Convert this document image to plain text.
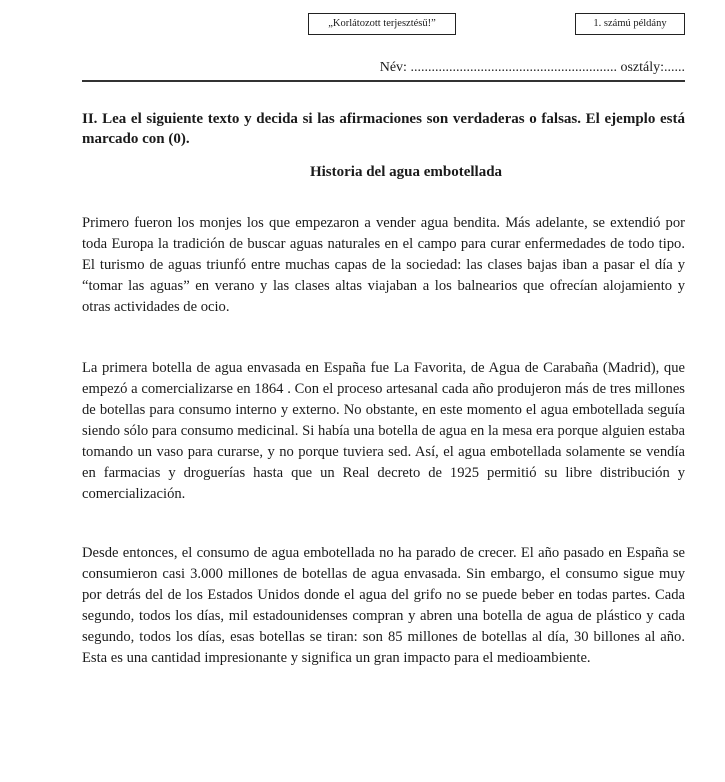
„Korlátozott terjesztésű!”	1. számú példány
Név: ........................................................... osztály:......
II. Lea el siguiente texto y decida si las afirmaciones son verdaderas o falsas. El ejemplo está marcado con (0).
Historia del agua embotellada
Primero fueron los monjes los que empezaron a vender agua bendita. Más adelante, se extendió por toda Europa la tradición de buscar aguas naturales en el campo para curar enfermedades de todo tipo. El turismo de aguas triunfó entre muchas capas de la sociedad: las clases bajas iban a pasar el día y “tomar las aguas” en verano y las clases altas viajaban a los balnearios que ofrecían alojamiento y otras actividades de ocio.
La primera botella de agua envasada en España fue La Favorita, de Agua de Carabaña (Madrid), que empezó a comercializarse en 1864 . Con el proceso artesanal cada año produjeron más de tres millones de botellas para consumo interno y externo. No obstante, en este momento el agua embotellada seguía siendo sólo para consumo medicinal. Si había una botella de agua en la mesa era porque alguien estaba tomando un vaso para curarse, y no porque tuviera sed. Así, el agua embotellada solamente se vendía en farmacias y droguerías hasta que un Real decreto de 1925 permitió su libre distribución y comercialización.
Desde entonces, el consumo de agua embotellada no ha parado de crecer. El año pasado en España se consumieron casi 3.000 millones de botellas de agua envasada. Sin embargo, el consumo sigue muy por detrás del de los Estados Unidos donde el agua del grifo no se puede beber en todas partes. Cada segundo, todos los días, mil estadounidenses compran y abren una botella de agua de plástico y cada segundo, todos los días, esas botellas se tiran: son 85 millones de botellas al día, 30 billones al año. Esta es una cantidad impresionante y significa un gran impacto para el medioambiente.
